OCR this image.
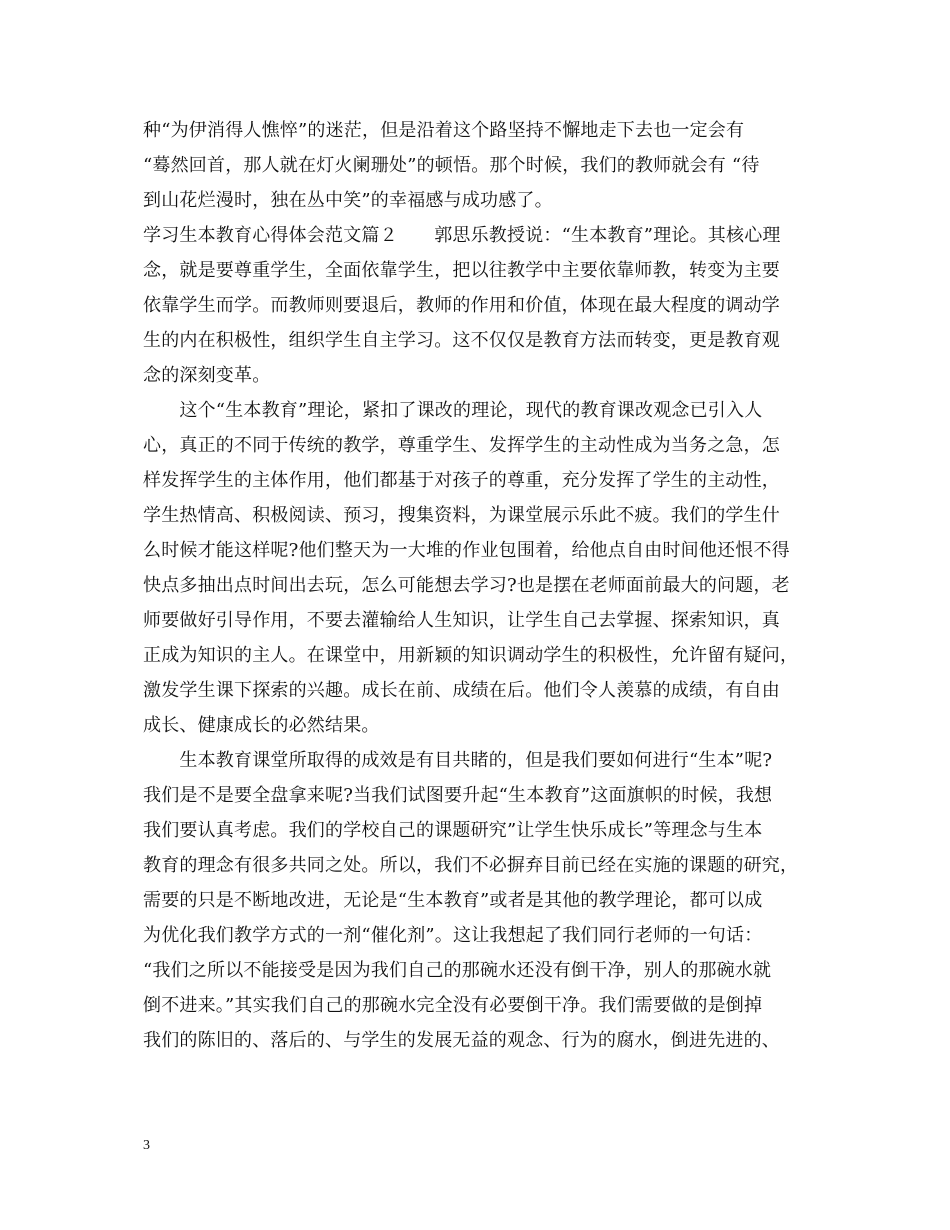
种“为伊消得人憔悴”的迷茫，但是沿着这个路坚持不懈地走下去也一定会有
“蓦然回首，那人就在灯火阑珊处”的顿悟。那个时候，我们的教师就会有 “待
到山花烂漫时，独在丛中笑”的幸福感与成功感了。
学习生本教育心得体会范文篇２　　郭思乐教授说：“生本教育”理论。其核心理
念，就是要尊重学生，全面依靠学生，把以往教学中主要依靠师教，转变为主要
依靠学生而学。而教师则要退后，教师的作用和价值，体现在最大程度的调动学
生的内在积极性，组织学生自主学习。这不仅仅是教育方法而转变，更是教育观
念的深刻变革。
　　这个“生本教育”理论，紧扣了课改的理论，现代的教育课改观念已引入人
心，真正的不同于传统的教学，尊重学生、发挥学生的主动性成为当务之急，怎
样发挥学生的主体作用，他们都基于对孩子的尊重，充分发挥了学生的主动性，
学生热情高、积极阅读、预习，搜集资料，为课堂展示乐此不疲。我们的学生什
么时候才能这样呢?他们整天为一大堆的作业包围着，给他点自由时间他还恨不得
快点多抽出点时间出去玩，怎么可能想去学习?也是摆在老师面前最大的问题，老
师要做好引导作用，不要去灌输给人生知识，让学生自己去掌握、探索知识，真
正成为知识的主人。在课堂中，用新颖的知识调动学生的积极性，允许留有疑问，
激发学生课下探索的兴趣。成长在前、成绩在后。他们令人羡慕的成绩，有自由
成长、健康成长的必然结果。
　　生本教育课堂所取得的成效是有目共睹的，但是我们要如何进行“生本”呢?
我们是不是要全盘拿来呢?当我们试图要升起“生本教育”这面旗帜的时候，我想
我们要认真考虑。我们的学校自己的课题研究”让学生快乐成长”等理念与生本
教育的理念有很多共同之处。所以，我们不必摒弃目前已经在实施的课题的研究，
需要的只是不断地改进，无论是“生本教育”或者是其他的教学理论，都可以成
为优化我们教学方式的一剂“催化剂”。这让我想起了我们同行老师的一句话：
“我们之所以不能接受是因为我们自己的那碗水还没有倒干净，别人的那碗水就
倒不进来。”其实我们自己的那碗水完全没有必要倒干净。我们需要做的是倒掉
我们的陈旧的、落后的、与学生的发展无益的观念、行为的腐水，倒进先进的、
3
